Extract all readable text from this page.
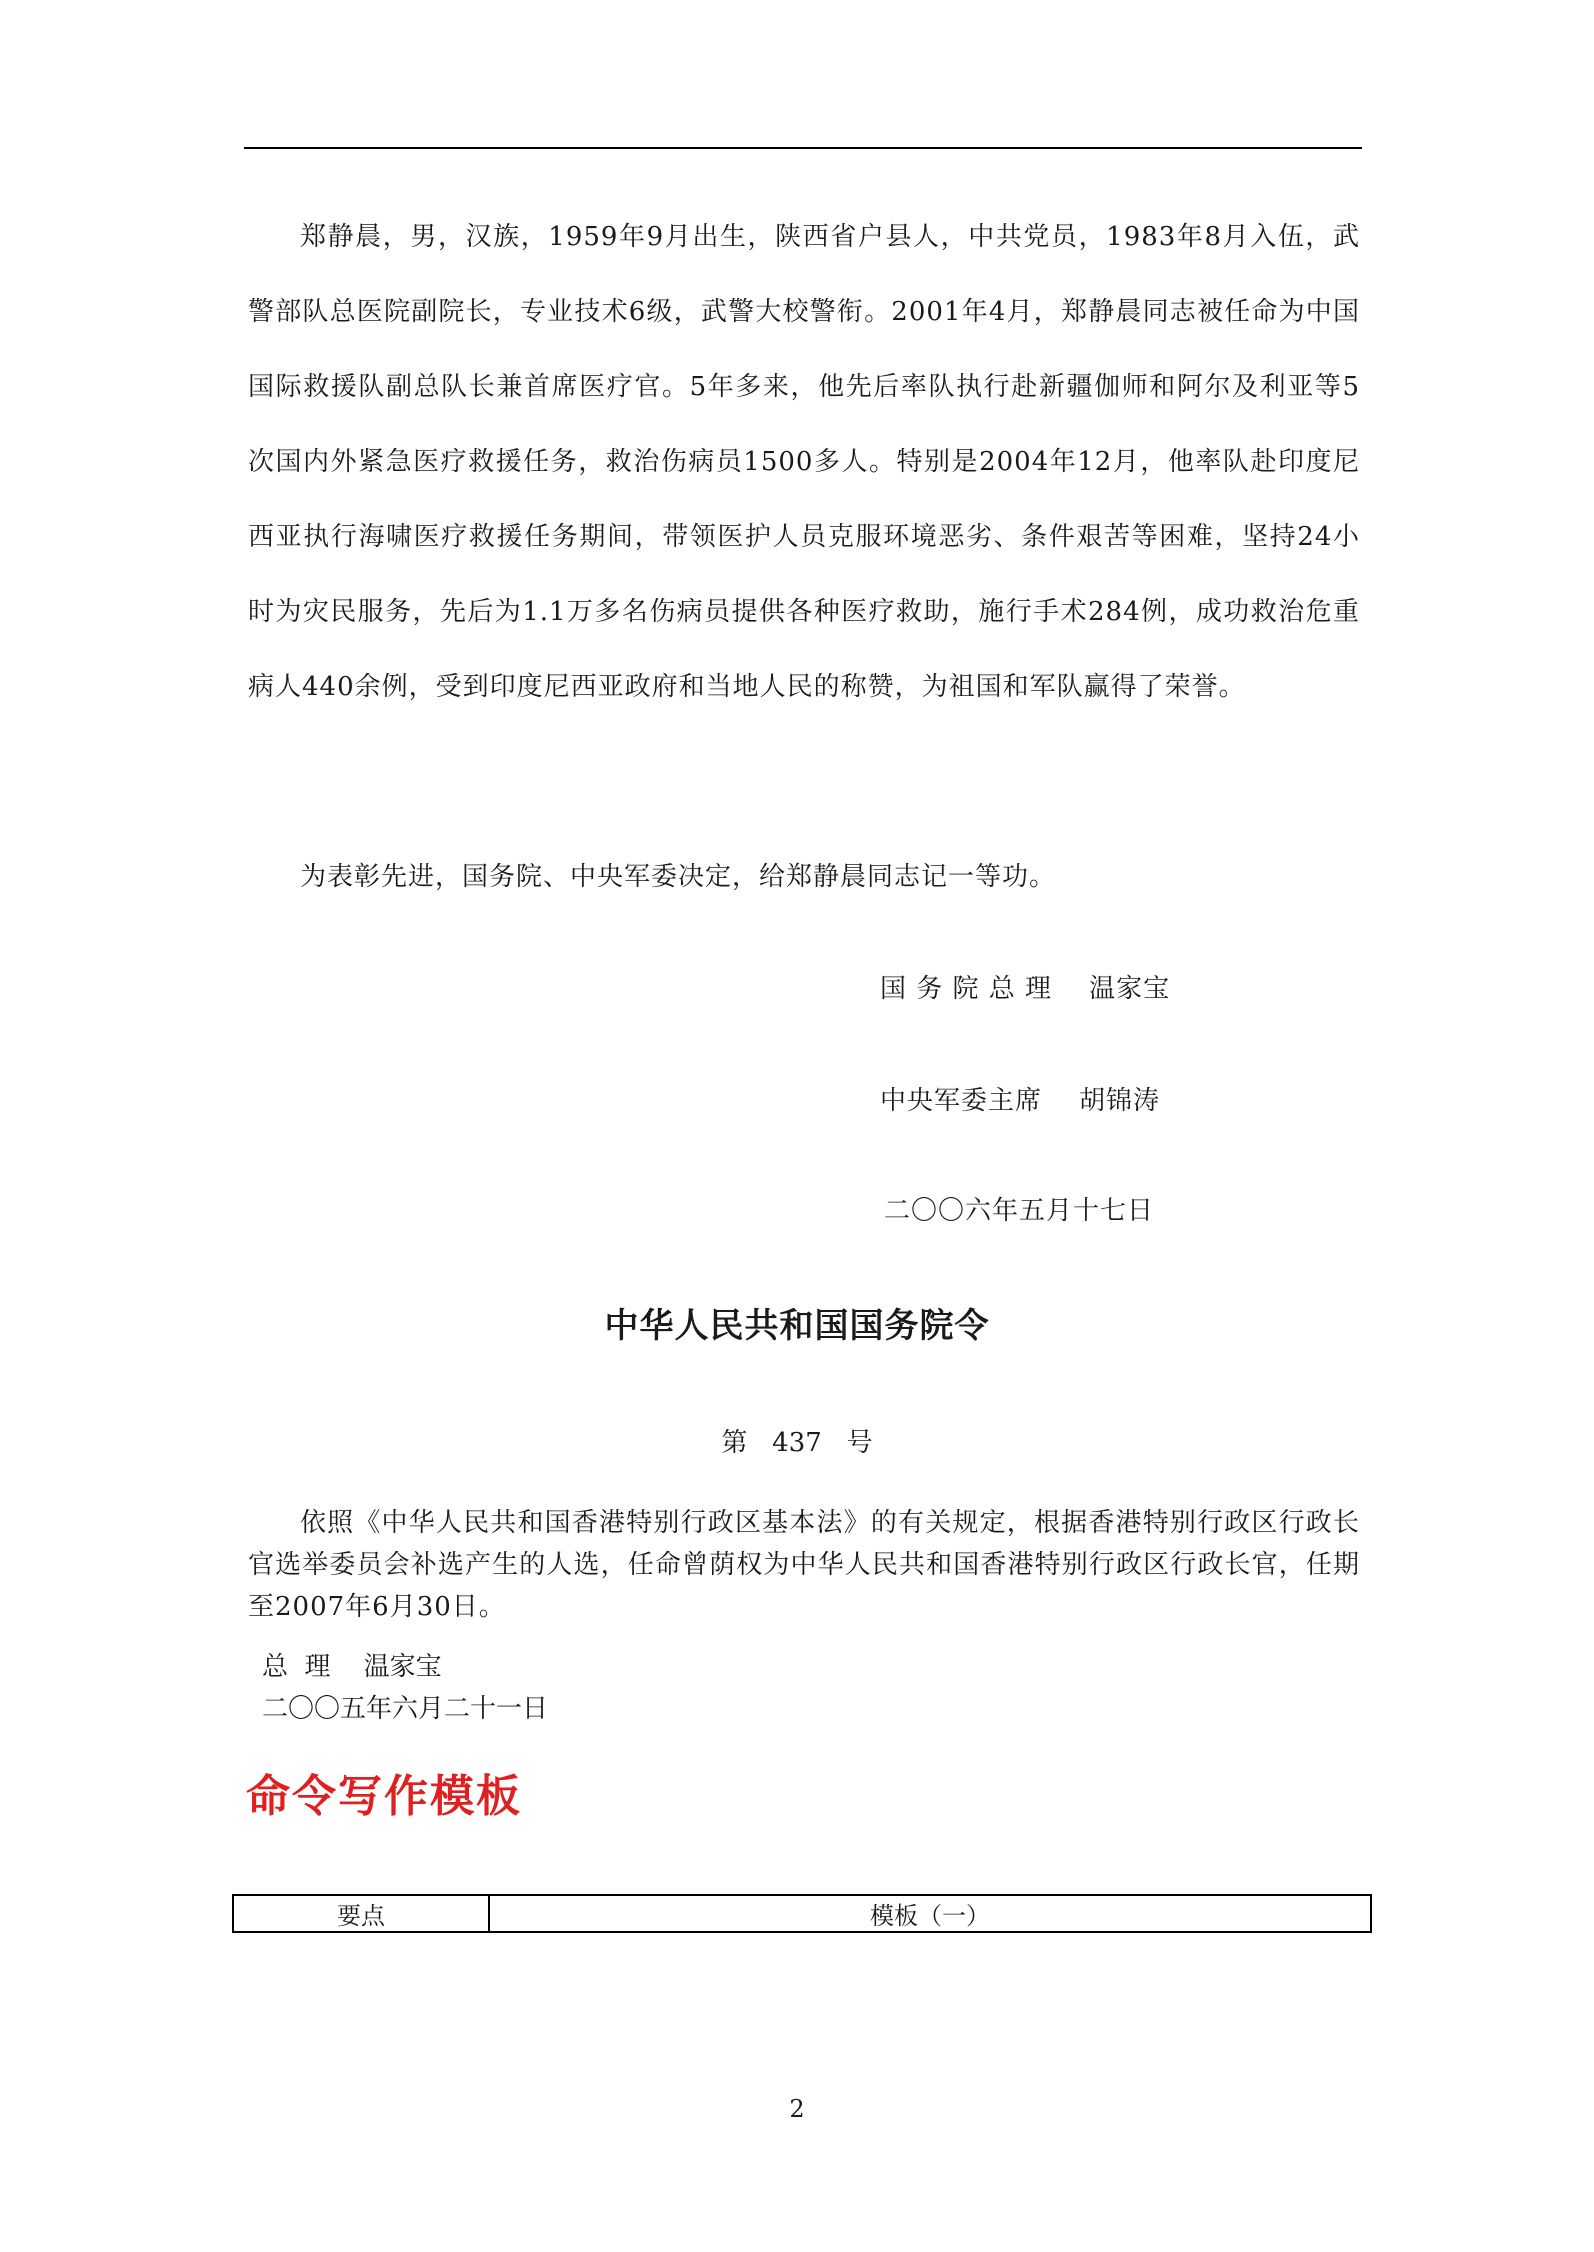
郑静晨，男，汉族，1959年9月出生，陕西省户县人，中共党员，1983年8月入伍，武警部队总医院副院长，专业技术6级，武警大校警衔。2001年4月，郑静晨同志被任命为中国国际救援队副总队长兼首席医疗官。5年多来，他先后率队执行赴新疆伽师和阿尔及利亚等5次国内外紧急医疗救援任务，救治伤病员1500多人。特别是2004年12月，他率队赴印度尼西亚执行海啸医疗救援任务期间，带领医护人员克服环境恶劣、条件艰苦等困难，坚持24小时为灾民服务，先后为1.1万多名伤病员提供各种医疗救助，施行手术284例，成功救治危重病人440余例，受到印度尼西亚政府和当地人民的称赞，为祖国和军队赢得了荣誉。

为表彰先进，国务院、中央军委决定，给郑静晨同志记一等功。

国 务 院 总 理    温家宝
中央军委主席    胡锦涛
二〇〇六年五月十七日
中华人民共和国国务院令
第   437   号

依照《中华人民共和国香港特别行政区基本法》的有关规定，根据香港特别行政区行政长官选举委员会补选产生的人选，任命曾荫权为中华人民共和国香港特别行政区行政长官，任期至2007年6月30日。

总  理    温家宝
二〇〇五年六月二十一日
命令写作模板
要点	模板（一）
2
